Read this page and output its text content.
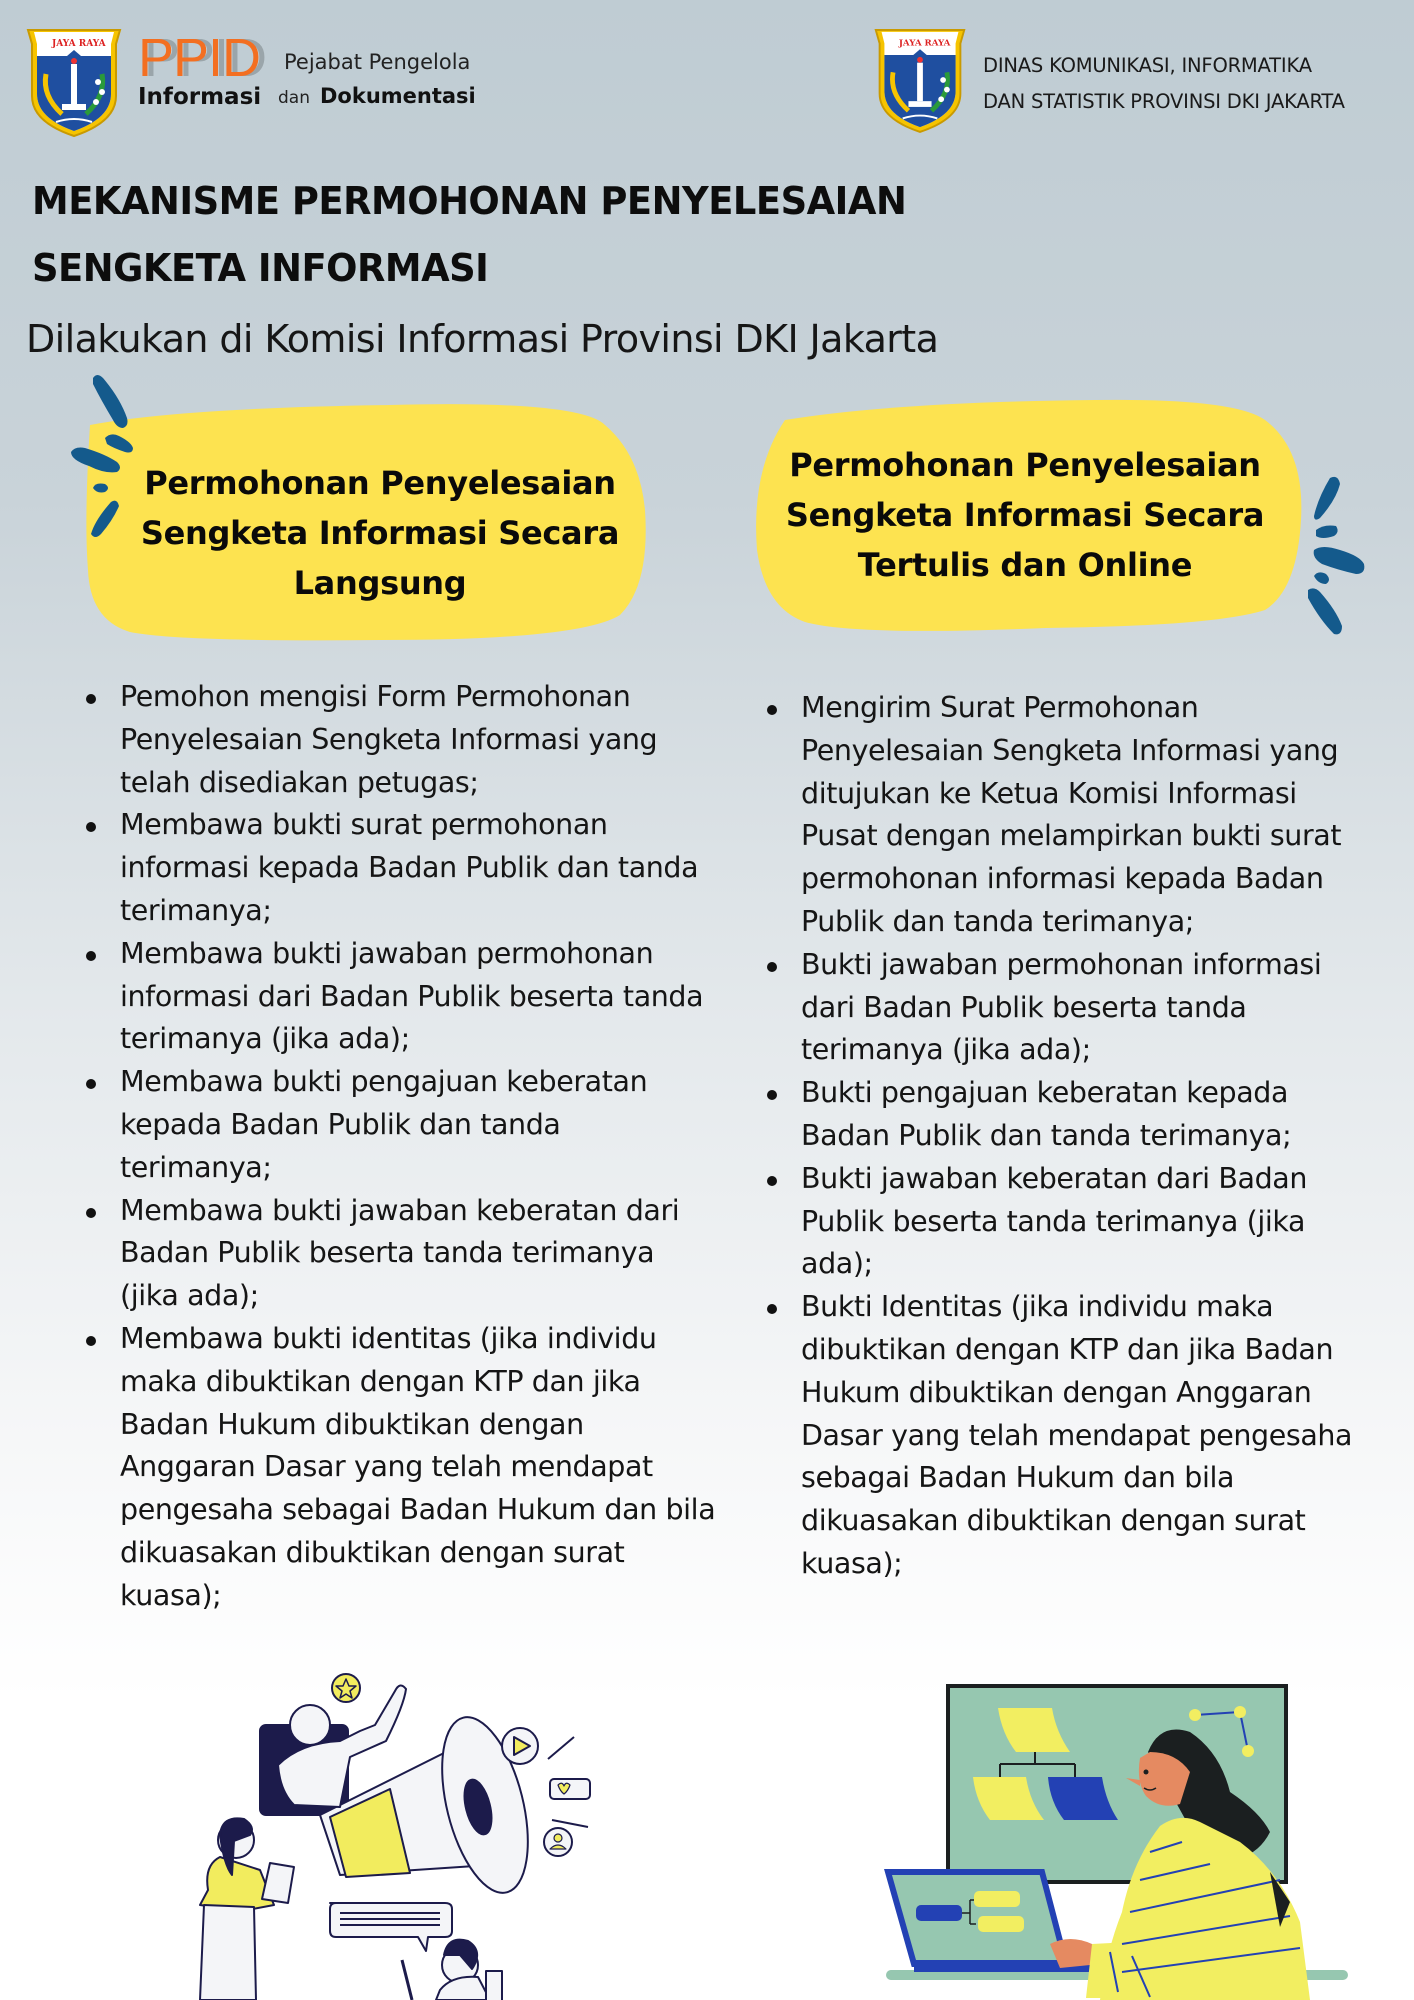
JAYA RAYA PPID Pejabat Pengelola
Informasi dan Dokumentasi
JAYA RAYA
DINAS KOMUNIKASI, INFORMATIKA
DAN STATISTIK PROVINSI DKI JAKARTA
MEKANISME PERMOHONAN PENYELESAIAN
SENGKETA INFORMASI
Dilakukan di Komisi Informasi Provinsi DKI Jakarta
Permohonan Penyelesaian
Sengketa Informasi Secara
Langsung
Permohonan Penyelesaian
Sengketa Informasi Secara
Tertulis dan Online
Pemohon mengisi Form Permohonan Penyelesaian Sengketa Informasi yang telah disediakan petugas;
Membawa bukti surat permohonan informasi kepada Badan Publik dan tanda terimanya;
Membawa bukti jawaban permohonan informasi dari Badan Publik beserta tanda terimanya (jika ada);
Membawa bukti pengajuan keberatan kepada Badan Publik dan tanda terimanya;
Membawa bukti jawaban keberatan dari Badan Publik beserta tanda terimanya (jika ada);
Membawa bukti identitas (jika individu maka dibuktikan dengan KTP dan jika Badan Hukum dibuktikan dengan Anggaran Dasar yang telah mendapat pengesaha sebagai Badan Hukum dan bila dikuasakan dibuktikan dengan surat kuasa);
Mengirim Surat Permohonan Penyelesaian Sengketa Informasi yang ditujukan ke Ketua Komisi Informasi Pusat dengan melampirkan bukti surat permohonan informasi kepada Badan Publik dan tanda terimanya;
Bukti jawaban permohonan informasi dari Badan Publik beserta tanda terimanya (jika ada);
Bukti pengajuan keberatan kepada Badan Publik dan tanda terimanya;
Bukti jawaban keberatan dari Badan Publik beserta tanda terimanya (jika ada);
Bukti Identitas (jika individu maka dibuktikan dengan KTP dan jika Badan Hukum dibuktikan dengan Anggaran Dasar yang telah mendapat pengesaha sebagai Badan Hukum dan bila dikuasakan dibuktikan dengan surat kuasa);
